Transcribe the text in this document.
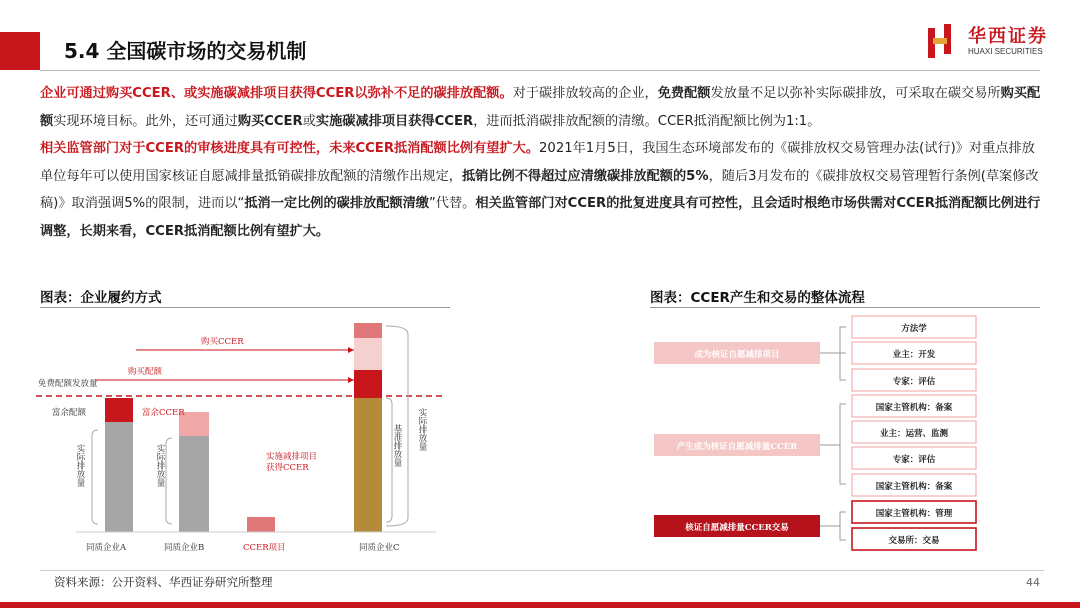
5.4 全国碳市场的交易机制
华西证券
HUAXI SECURITIES

企业可通过购买CCER、或实施碳减排项目获得CCER以弥补不足的碳排放配额。对于碳排放较高的企业，免费配额发放量不足以弥补实际碳排放，可采取在碳交易所购买配额实现环境目标。此外，还可通过购买CCER或实施碳减排项目获得CCER，进而抵消碳排放配额的清缴。CCER抵消配额比例为1:1。

相关监管部门对于CCER的审核进度具有可控性，未来CCER抵消配额比例有望扩大。2021年1月5日，我国生态环境部发布的《碳排放权交易管理办法(试行)》对重点排放单位每年可以使用国家核证自愿减排量抵销碳排放配额的清缴作出规定，抵销比例不得超过应清缴碳排放配额的5%，随后3月发布的《碳排放权交易管理暂行条例(草案修改稿)》取消强调5%的限制，进而以“抵消一定比例的碳排放配额清缴”代替。相关监管部门对CCER的批复进度具有可控性，且会适时根绝市场供需对CCER抵消配额比例进行调整，长期来看，CCER抵消配额比例有望扩大。

图表：企业履约方式	图表：CCER产生和交易的整体流程
免费配额发放量
富余配额
实际排放量
富余CCER
实际排放量	实施减排项目
获得CCER
基准排放量 实际排放量
购买CCER
购买配额
同质企业A	同质企业B	CCER项目	同质企业C
成为核证自愿减排项目
产生成为核证自愿减排量CCER
核证自愿减排量CCER交易
方法学
业主：开发
专家：评估
国家主管机构：备案
业主：运营、监测
专家：评估
国家主管机构：备案
国家主管机构：管理
交易所：交易
资料来源：公开资料、华西证券研究所整理	44
